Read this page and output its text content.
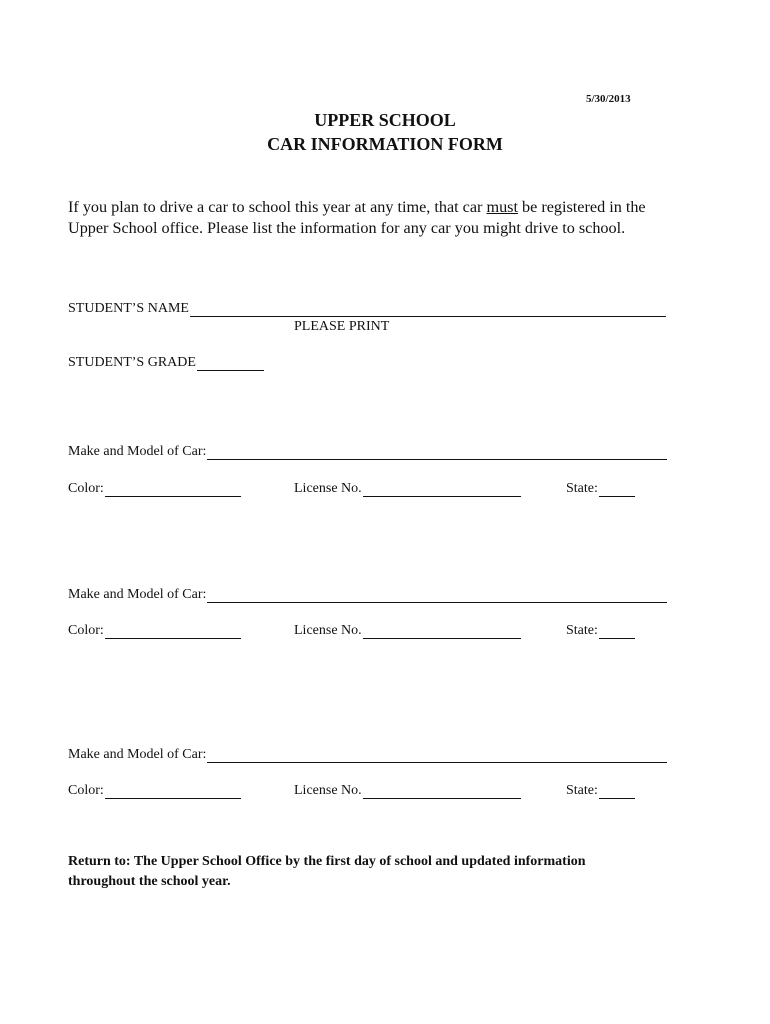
5/30/2013
UPPER SCHOOL
CAR INFORMATION FORM
If you plan to drive a car to school this year at any time, that car must be registered in the
Upper School office. Please list the information for any car you might drive to school.
STUDENT’S NAME
PLEASE PRINT
STUDENT’S GRADE
Make and Model of Car:
Color:	License No.	State:
Make and Model of Car:
Color:	License No.	State:
Make and Model of Car:
Color:	License No.	State:
Return to: The Upper School Office by the first day of school and updated information
throughout the school year.
